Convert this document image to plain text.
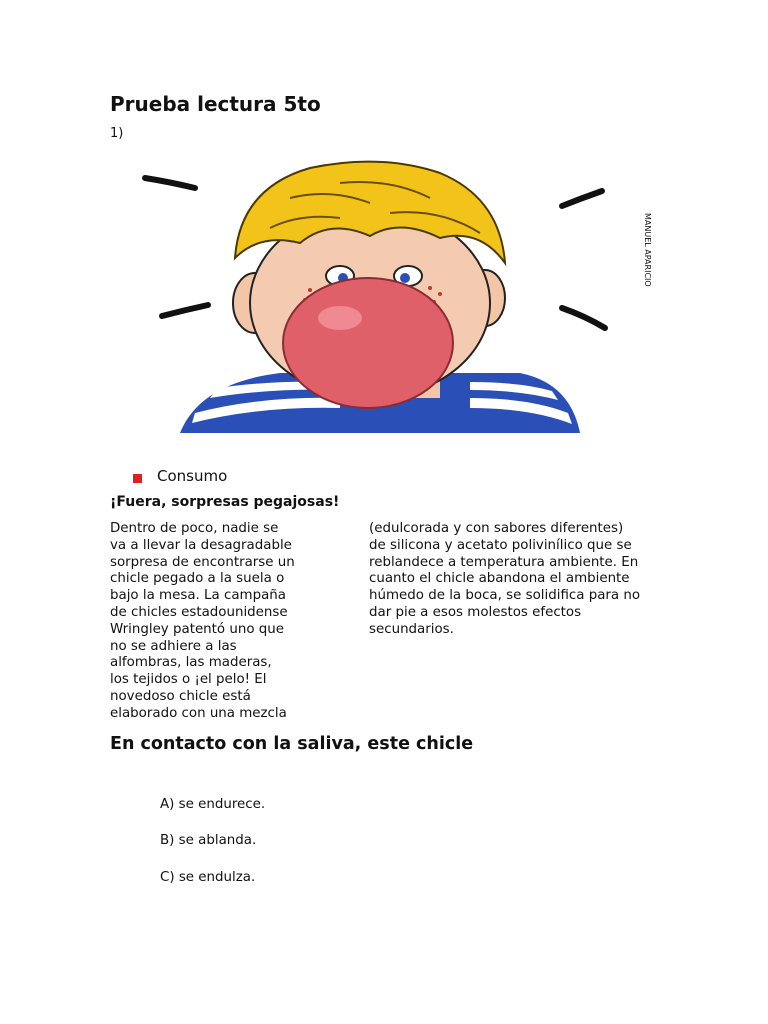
Prueba lectura 5to
1)
MANUEL APARICIO
Consumo
¡Fuera, sorpresas pegajosas!
Dentro de poco, nadie se
va a llevar la desagradable
sorpresa de encontrarse un
chicle pegado a la suela o
bajo la mesa. La campaña
de chicles estadounidense
Wringley patentó uno que
no se adhiere a las
alfombras, las maderas,
los tejidos o ¡el pelo! El
novedoso chicle está
elaborado con una mezcla
(edulcorada y con sabores diferentes)
de silicona y acetato polivinílico que se
reblandece a temperatura ambiente. En
cuanto el chicle abandona el ambiente
húmedo de la boca, se solidifica para no
dar pie a esos molestos efectos
secundarios.
En contacto con la saliva, este chicle
A) se endurece.
B) se ablanda.
C) se endulza.
